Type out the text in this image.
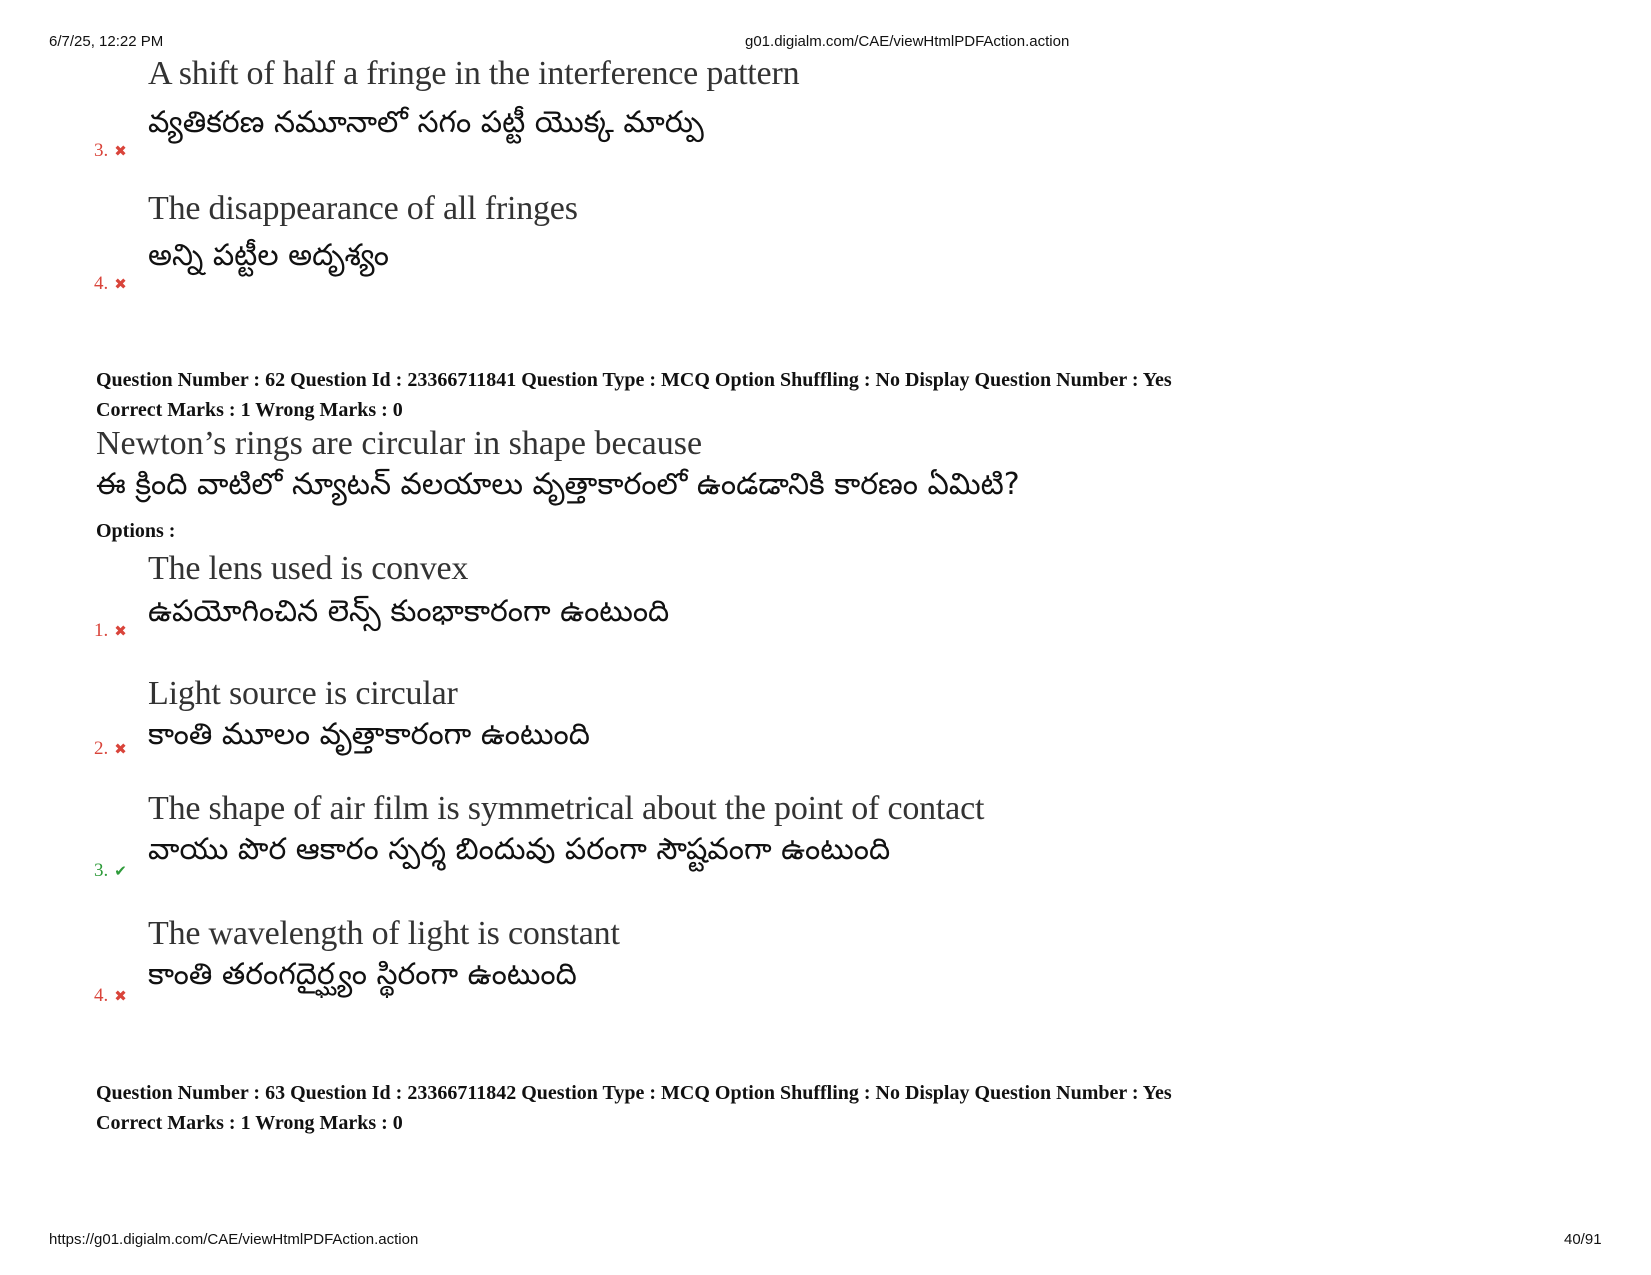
6/7/25, 12:22 PM	g01.digialm.com/CAE/viewHtmlPDFAction.action
A shift of half a fringe in the interference pattern
వ్యతికరణ నమూనాలో సగం పట్టీ యొక్క మార్పు
3. ✖
The disappearance of all fringes
అన్ని పట్టీల అదృశ్యం
4. ✖
Question Number : 62 Question Id : 23366711841 Question Type : MCQ Option Shuffling : No Display Question Number : Yes
Correct Marks : 1 Wrong Marks : 0
Newton’s rings are circular in shape because
ఈ క్రింది వాటిలో న్యూటన్ వలయాలు వృత్తాకారంలో ఉండడానికి కారణం ఏమిటి?
Options :
The lens used is convex
ఉపయోగించిన లెన్స్ కుంభాకారంగా ఉంటుంది
1. ✖
Light source is circular
కాంతి మూలం వృత్తాకారంగా ఉంటుంది
2. ✖
The shape of air film is symmetrical about the point of contact
వాయు పొర ఆకారం స్పర్శ బిందువు పరంగా సౌష్టవంగా ఉంటుంది
3. ✔
The wavelength of light is constant
కాంతి తరంగదైర్ఘ్యం స్థిరంగా ఉంటుంది
4. ✖
Question Number : 63 Question Id : 23366711842 Question Type : MCQ Option Shuffling : No Display Question Number : Yes
Correct Marks : 1 Wrong Marks : 0
https://g01.digialm.com/CAE/viewHtmlPDFAction.action	40/91
